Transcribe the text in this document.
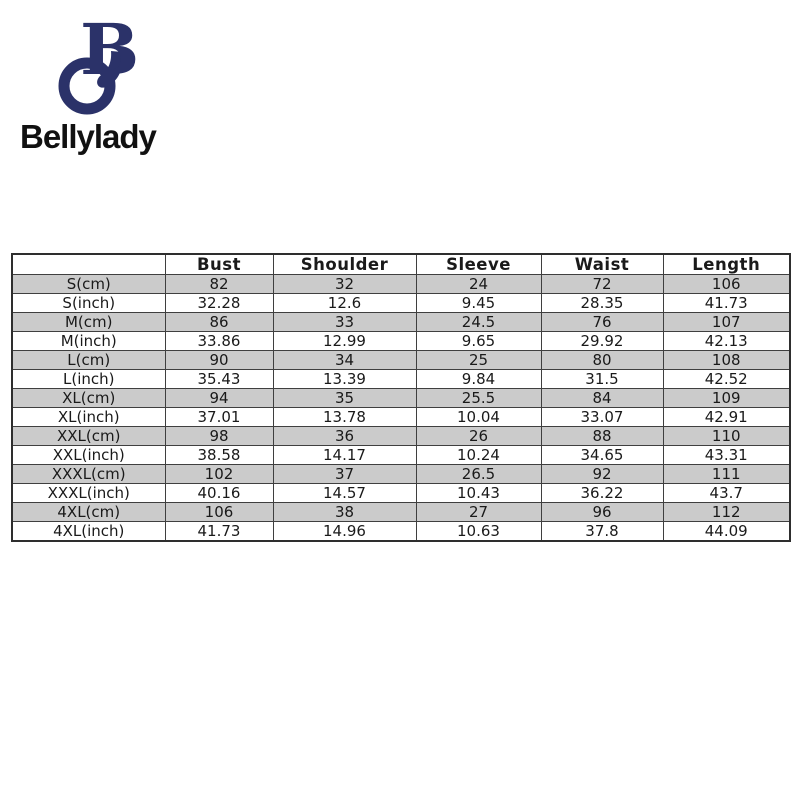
B
Bellylady
	Bust	Shoulder	Sleeve	Waist	Length
S(cm)	82	32	24	72	106
S(inch)	32.28	12.6	9.45	28.35	41.73
M(cm)	86	33	24.5	76	107
M(inch)	33.86	12.99	9.65	29.92	42.13
L(cm)	90	34	25	80	108
L(inch)	35.43	13.39	9.84	31.5	42.52
XL(cm)	94	35	25.5	84	109
XL(inch)	37.01	13.78	10.04	33.07	42.91
XXL(cm)	98	36	26	88	110
XXL(inch)	38.58	14.17	10.24	34.65	43.31
XXXL(cm)	102	37	26.5	92	111
XXXL(inch)	40.16	14.57	10.43	36.22	43.7
4XL(cm)	106	38	27	96	112
4XL(inch)	41.73	14.96	10.63	37.8	44.09
